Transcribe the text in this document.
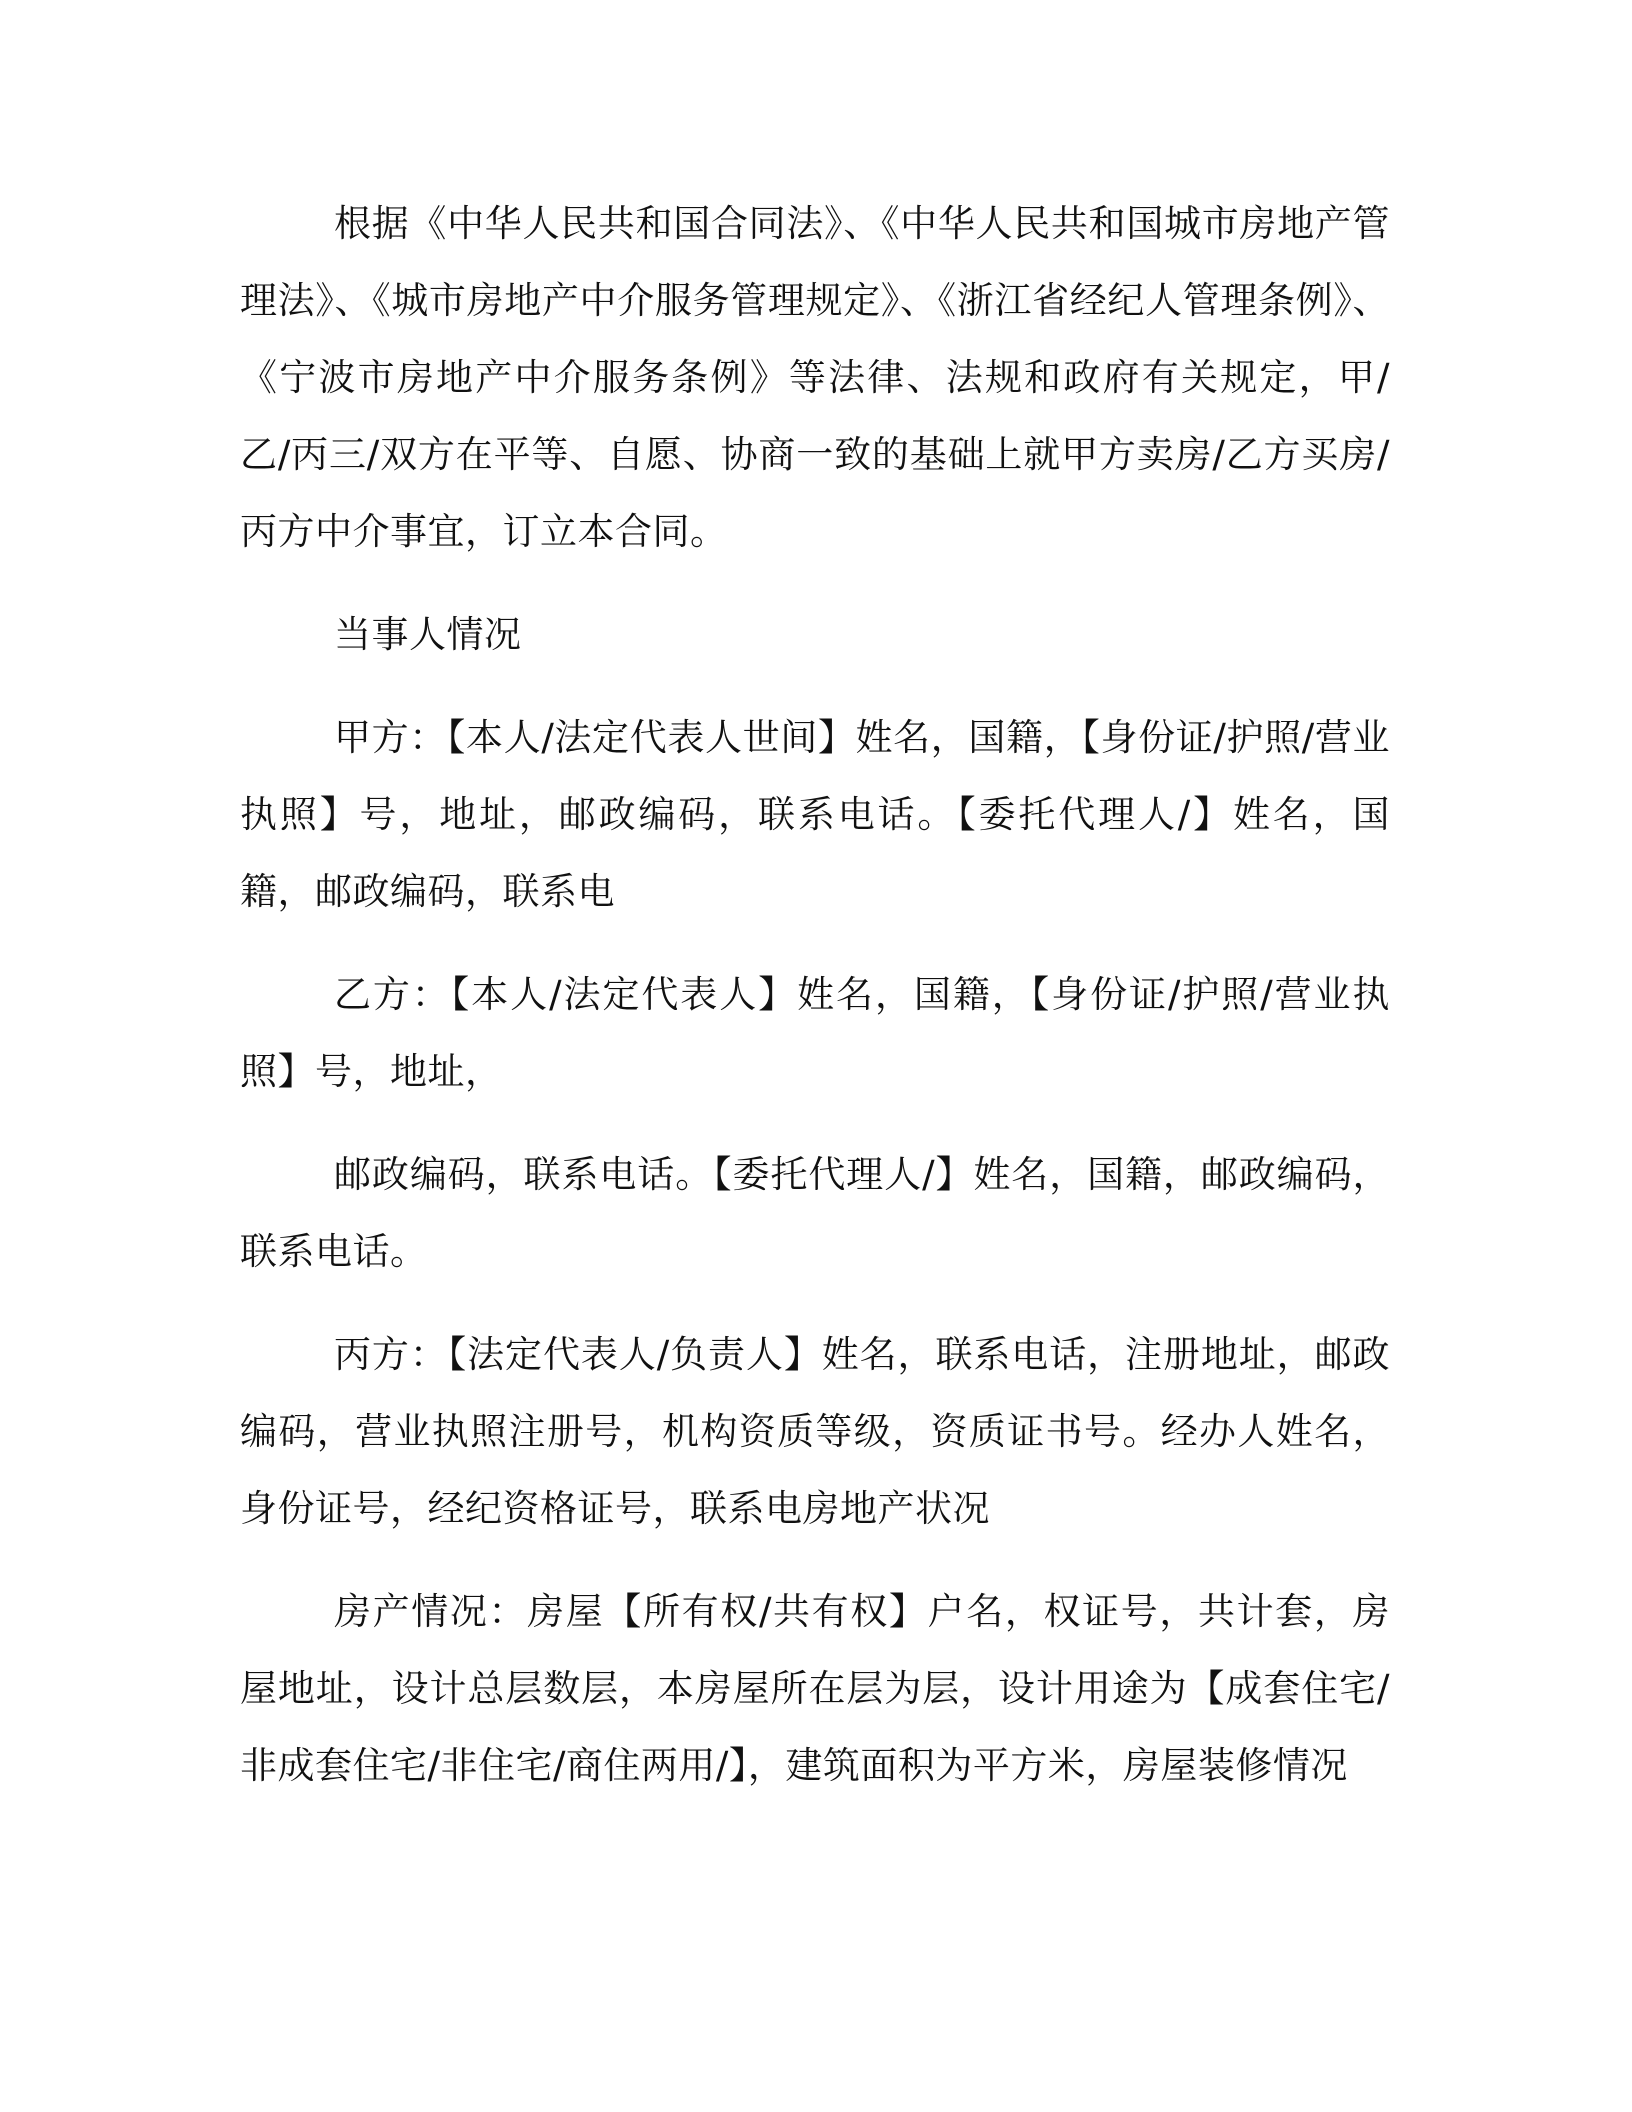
根据《中华人民共和国合同法》、《中华人民共和国城市房地产管理法》、《城市房地产中介服务管理规定》、《浙江省经纪人管理条例》、《宁波市房地产中介服务条例》等法律、法规和政府有关规定，甲/乙/丙三/双方在平等、自愿、协商一致的基础上就甲方卖房/乙方买房/丙方中介事宜，订立本合同。

当事人情况

甲方：【本人/法定代表人世间】姓名，国籍，【身份证/护照/营业执照】号，地址，邮政编码，联系电话。【委托代理人/】姓名，国籍，邮政编码，联系电

乙方：【本人/法定代表人】姓名，国籍，【身份证/护照/营业执照】号，地址，

邮政编码，联系电话。【委托代理人/】姓名，国籍，邮政编码，联系电话。

丙方：【法定代表人/负责人】姓名，联系电话，注册地址，邮政编码，营业执照注册号，机构资质等级，资质证书号。经办人姓名，身份证号，经纪资格证号，联系电房地产状况

房产情况：房屋【所有权/共有权】户名，权证号，共计套，房屋地址，设计总层数层，本房屋所在层为层，设计用途为【成套住宅/非成套住宅/非住宅/商住两用/】，建筑面积为平方米，房屋装修情况
